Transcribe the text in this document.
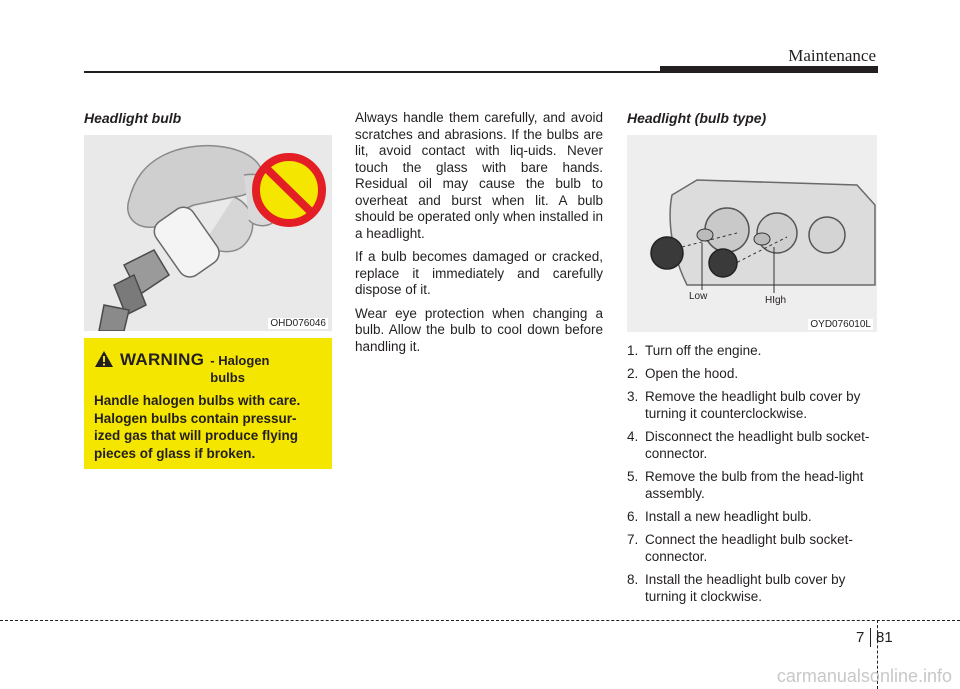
Maintenance
Headlight bulb
OHD076046
WARNING - Halogen bulbs
Handle halogen bulbs with care. Halogen bulbs contain pressur-ized gas that will produce flying pieces of glass if broken.

Always handle them carefully, and avoid scratches and abrasions. If the bulbs are lit, avoid contact with liq-uids. Never touch the glass with bare hands. Residual oil may cause the bulb to overheat and burst when lit. A bulb should be operated only when installed in a headlight.

If a bulb becomes damaged or cracked, replace it immediately and carefully dispose of it.

Wear eye protection when changing a bulb. Allow the bulb to cool down before handling it.

Headlight (bulb type)
Low	HIgh
OYD076010L
1. Turn off the engine.
2. Open the hood.
3. Remove the headlight bulb cover by turning it counterclockwise.
4. Disconnect the headlight bulb socket-connector.
5. Remove the bulb from the head-light assembly.
6. Install a new headlight bulb.
7. Connect the headlight bulb socket-connector.
8. Install the headlight bulb cover by turning it clockwise.
7 81
carmanualsonline.info
